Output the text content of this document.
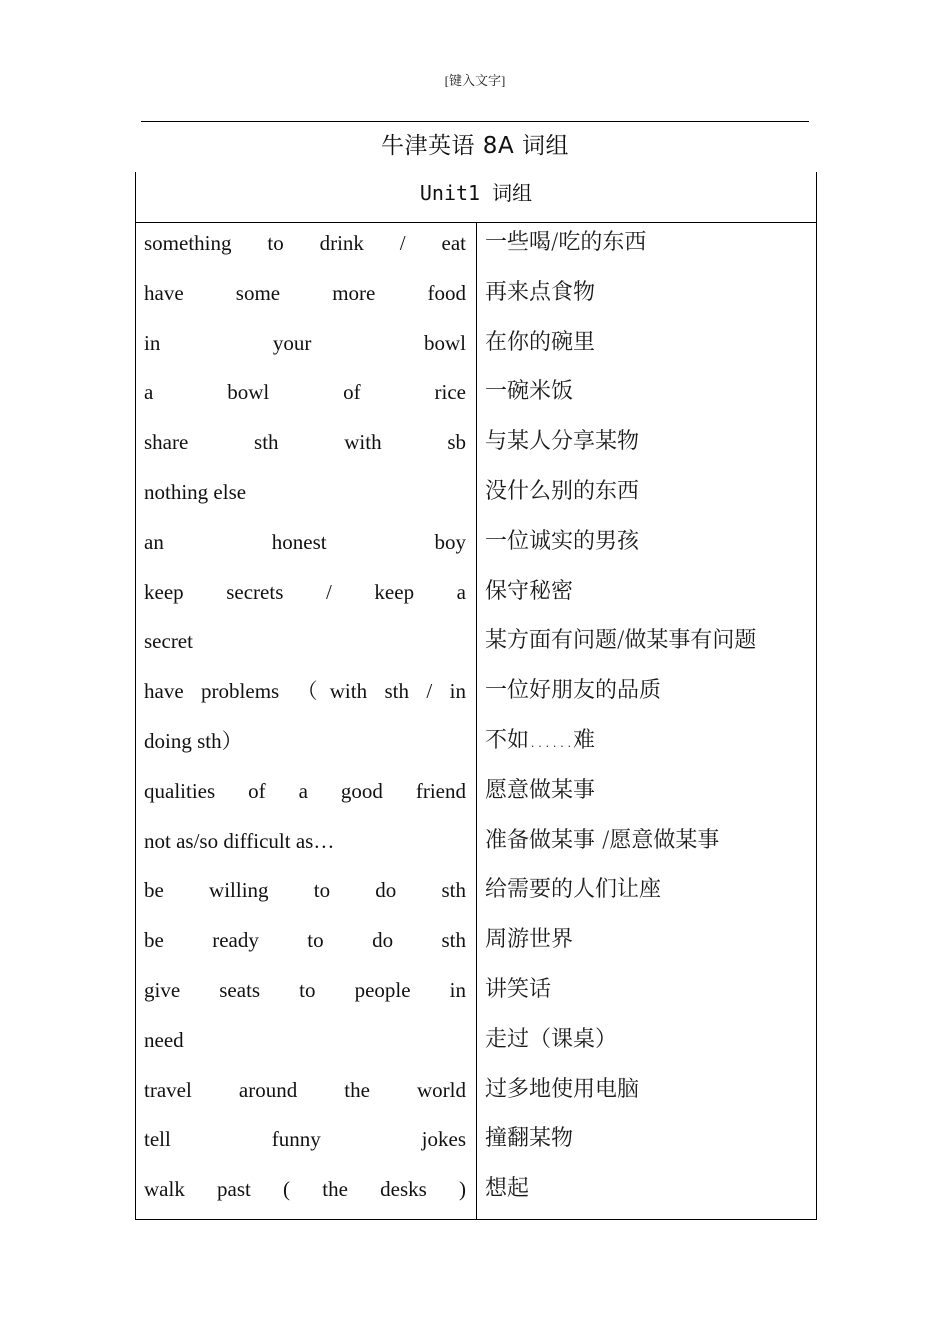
[键入文字]
牛津英语 8A 词组
Unit1 词组
something to drink / eat
have some more food
in your bowl
a bowl of rice
share sth with sb
nothing else
an honest boy
keep secrets / keep a
secret
have problems （with sth / in
doing sth）
qualities of a good friend
not as/so difficult as…
be willing to do sth
be ready to do sth
give seats to people in
need
travel around the world
tell funny jokes
walk past ( the desks )
一些喝/吃的东西
再来点食物
在你的碗里
一碗米饭
与某人分享某物
没什么别的东西
一位诚实的男孩
保守秘密
某方面有问题/做某事有问题
一位好朋友的品质
不如……难
愿意做某事
准备做某事 /愿意做某事
给需要的人们让座
周游世界
讲笑话
走过（课桌）
过多地使用电脑
撞翻某物
想起
